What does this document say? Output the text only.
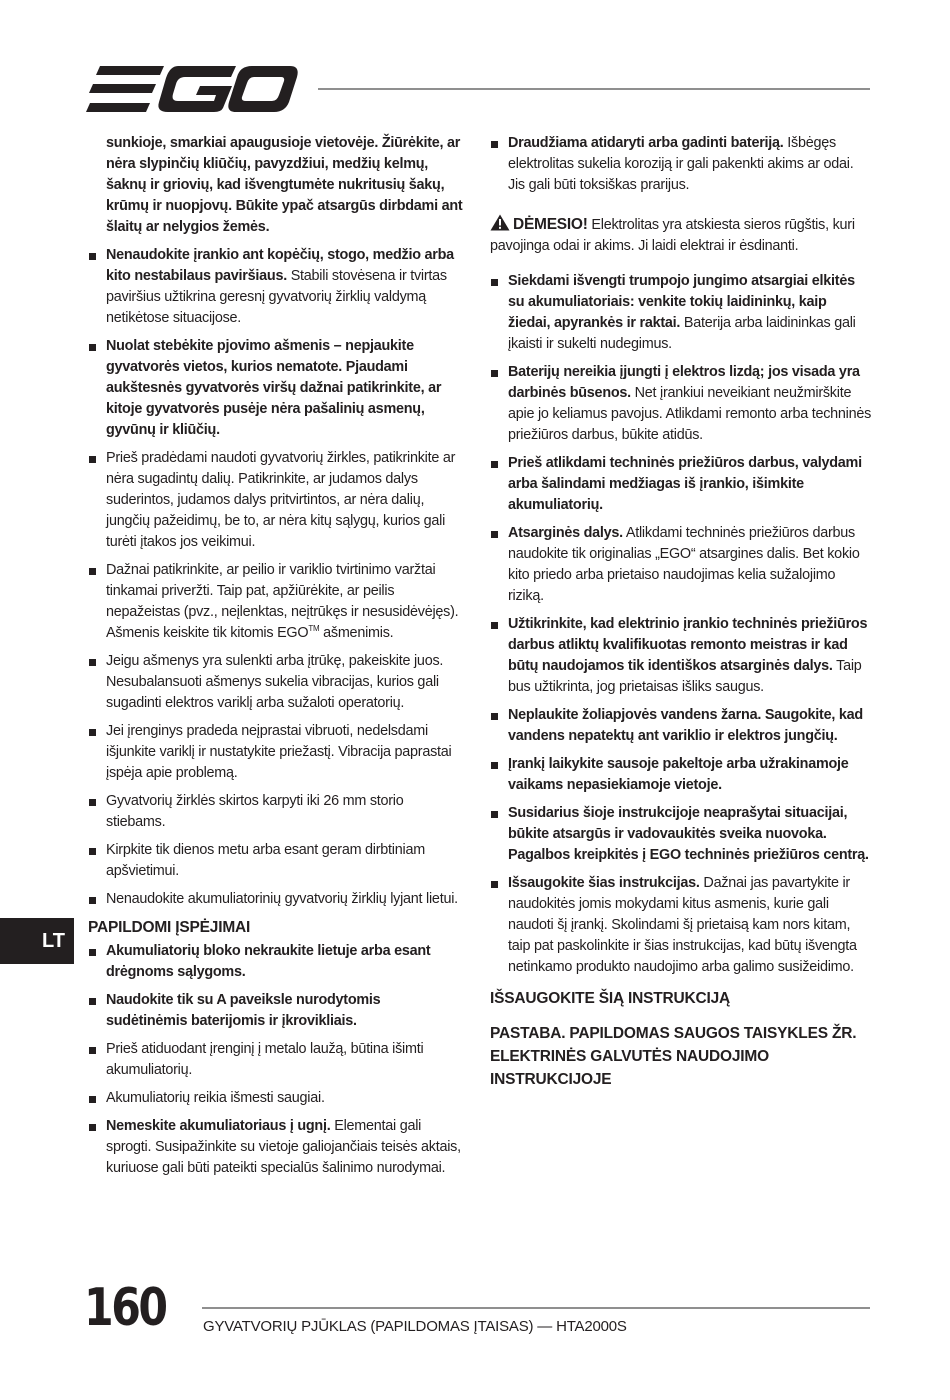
sunkioje, smarkiai apaugusioje vietovėje. Žiūrėkite, ar nėra slypinčių kliūčių, pavyzdžiui, medžių kelmų, šaknų ir griovių, kad išvengtumėte nukritusių šakų, krūmų ir nuopjovų. Būkite ypač atsargūs dirbdami ant šlaitų ar nelygios žemės.

Nenaudokite įrankio ant kopėčių, stogo, medžio arba kito nestabilaus paviršiaus. Stabili stovėsena ir tvirtas paviršius užtikrina geresnį gyvatvorių žirklių valdymą netikėtose situacijose.
Nuolat stebėkite pjovimo ašmenis – nepjaukite gyvatvorės vietos, kurios nematote. Pjaudami aukštesnės gyvatvorės viršų dažnai patikrinkite, ar kitoje gyvatvorės pusėje nėra pašalinių asmenų, gyvūnų ir kliūčių.
Prieš pradėdami naudoti gyvatvorių žirkles, patikrinkite ar nėra sugadintų dalių. Patikrinkite, ar judamos dalys suderintos, judamos dalys pritvirtintos, ar nėra dalių, jungčių pažeidimų, be to, ar nėra kitų sąlygų, kurios gali turėti įtakos jos veikimui.
Dažnai patikrinkite, ar peilio ir variklio tvirtinimo varžtai tinkamai priveržti. Taip pat, apžiūrėkite, ar peilis nepažeistas (pvz., neįlenktas, neįtrūkęs ir nesusidėvėjęs). Ašmenis keiskite tik kitomis EGO™ ašmenimis.
Jeigu ašmenys yra sulenkti arba įtrūkę, pakeiskite juos. Nesubalansuoti ašmenys sukelia vibracijas, kurios gali sugadinti elektros variklį arba sužaloti operatorių.
Jei įrenginys pradeda neįprastai vibruoti, nedelsdami išjunkite variklį ir nustatykite priežastį. Vibracija paprastai įspėja apie problemą.
Gyvatvorių žirklės skirtos karpyti iki 26 mm storio stiebams.
Kirpkite tik dienos metu arba esant geram dirbtiniam apšvietimui.
Nenaudokite akumuliatorinių gyvatvorių žirklių lyjant lietui.
PAPILDOMI ĮSPĖJIMAI
Akumuliatorių bloko nekraukite lietuje arba esant drėgnoms sąlygoms.
Naudokite tik su A paveiksle nurodytomis sudėtinėmis baterijomis ir įkrovikliais.
Prieš atiduodant įrenginį į metalo laužą, būtina išimti akumuliatorių.
Akumuliatorių reikia išmesti saugiai.
Nemeskite akumuliatoriaus į ugnį. Elementai gali sprogti. Susipažinkite su vietoje galiojančiais teisės aktais, kuriuose gali būti pateikti specialūs šalinimo nurodymai.
Draudžiama atidaryti arba gadinti bateriją. Išbėgęs elektrolitas sukelia koroziją ir gali pakenkti akims ar odai. Jis gali būti toksiškas prarijus.

DĖMESIO! Elektrolitas yra atskiesta sieros rūgštis, kuri pavojinga odai ir akims. Ji laidi elektrai ir ėsdinanti.

Siekdami išvengti trumpojo jungimo atsargiai elkitės su akumuliatoriais: venkite tokių laidininkų, kaip žiedai, apyrankės ir raktai. Baterija arba laidininkas gali įkaisti ir sukelti nudegimus.
Baterijų nereikia įjungti į elektros lizdą; jos visada yra darbinės būsenos. Net įrankiui neveikiant neužmirškite apie jo keliamus pavojus. Atlikdami remonto arba techninės priežiūros darbus, būkite atidūs.
Prieš atlikdami techninės priežiūros darbus, valydami arba šalindami medžiagas iš įrankio, išimkite akumuliatorių.
Atsarginės dalys. Atlikdami techninės priežiūros darbus naudokite tik originalias „EGO“ atsargines dalis. Bet kokio kito priedo arba prietaiso naudojimas kelia sužalojimo riziką.
Užtikrinkite, kad elektrinio įrankio techninės priežiūros darbus atliktų kvalifikuotas remonto meistras ir kad būtų naudojamos tik identiškos atsarginės dalys. Taip bus užtikrinta, jog prietaisas išliks saugus.
Neplaukite žoliapjovės vandens žarna. Saugokite, kad vandens nepatektų ant variklio ir elektros jungčių.
Įrankį laikykite sausoje pakeltoje arba užrakinamoje vaikams nepasiekiamoje vietoje.
Susidarius šioje instrukcijoje neaprašytai situacijai, būkite atsargūs ir vadovaukitės sveika nuovoka. Pagalbos kreipkitės į EGO techninės priežiūros centrą.
Išsaugokite šias instrukcijas. Dažnai jas pavartykite ir naudokitės jomis mokydami kitus asmenis, kurie gali naudoti šį įrankį. Skolindami šį prietaisą kam nors kitam, taip pat paskolinkite ir šias instrukcijas, kad būtų išvengta netinkamo produkto naudojimo arba galimo susižeidimo.
IŠSAUGOKITE ŠIĄ INSTRUKCIJĄ
PASTABA. PAPILDOMAS SAUGOS TAISYKLES ŽR. ELEKTRINĖS GALVUTĖS NAUDOJIMO INSTRUKCIJOJE
LT
160 GYVATVORIŲ PJŪKLAS (PAPILDOMAS ĮTAISAS) — HTA2000S
